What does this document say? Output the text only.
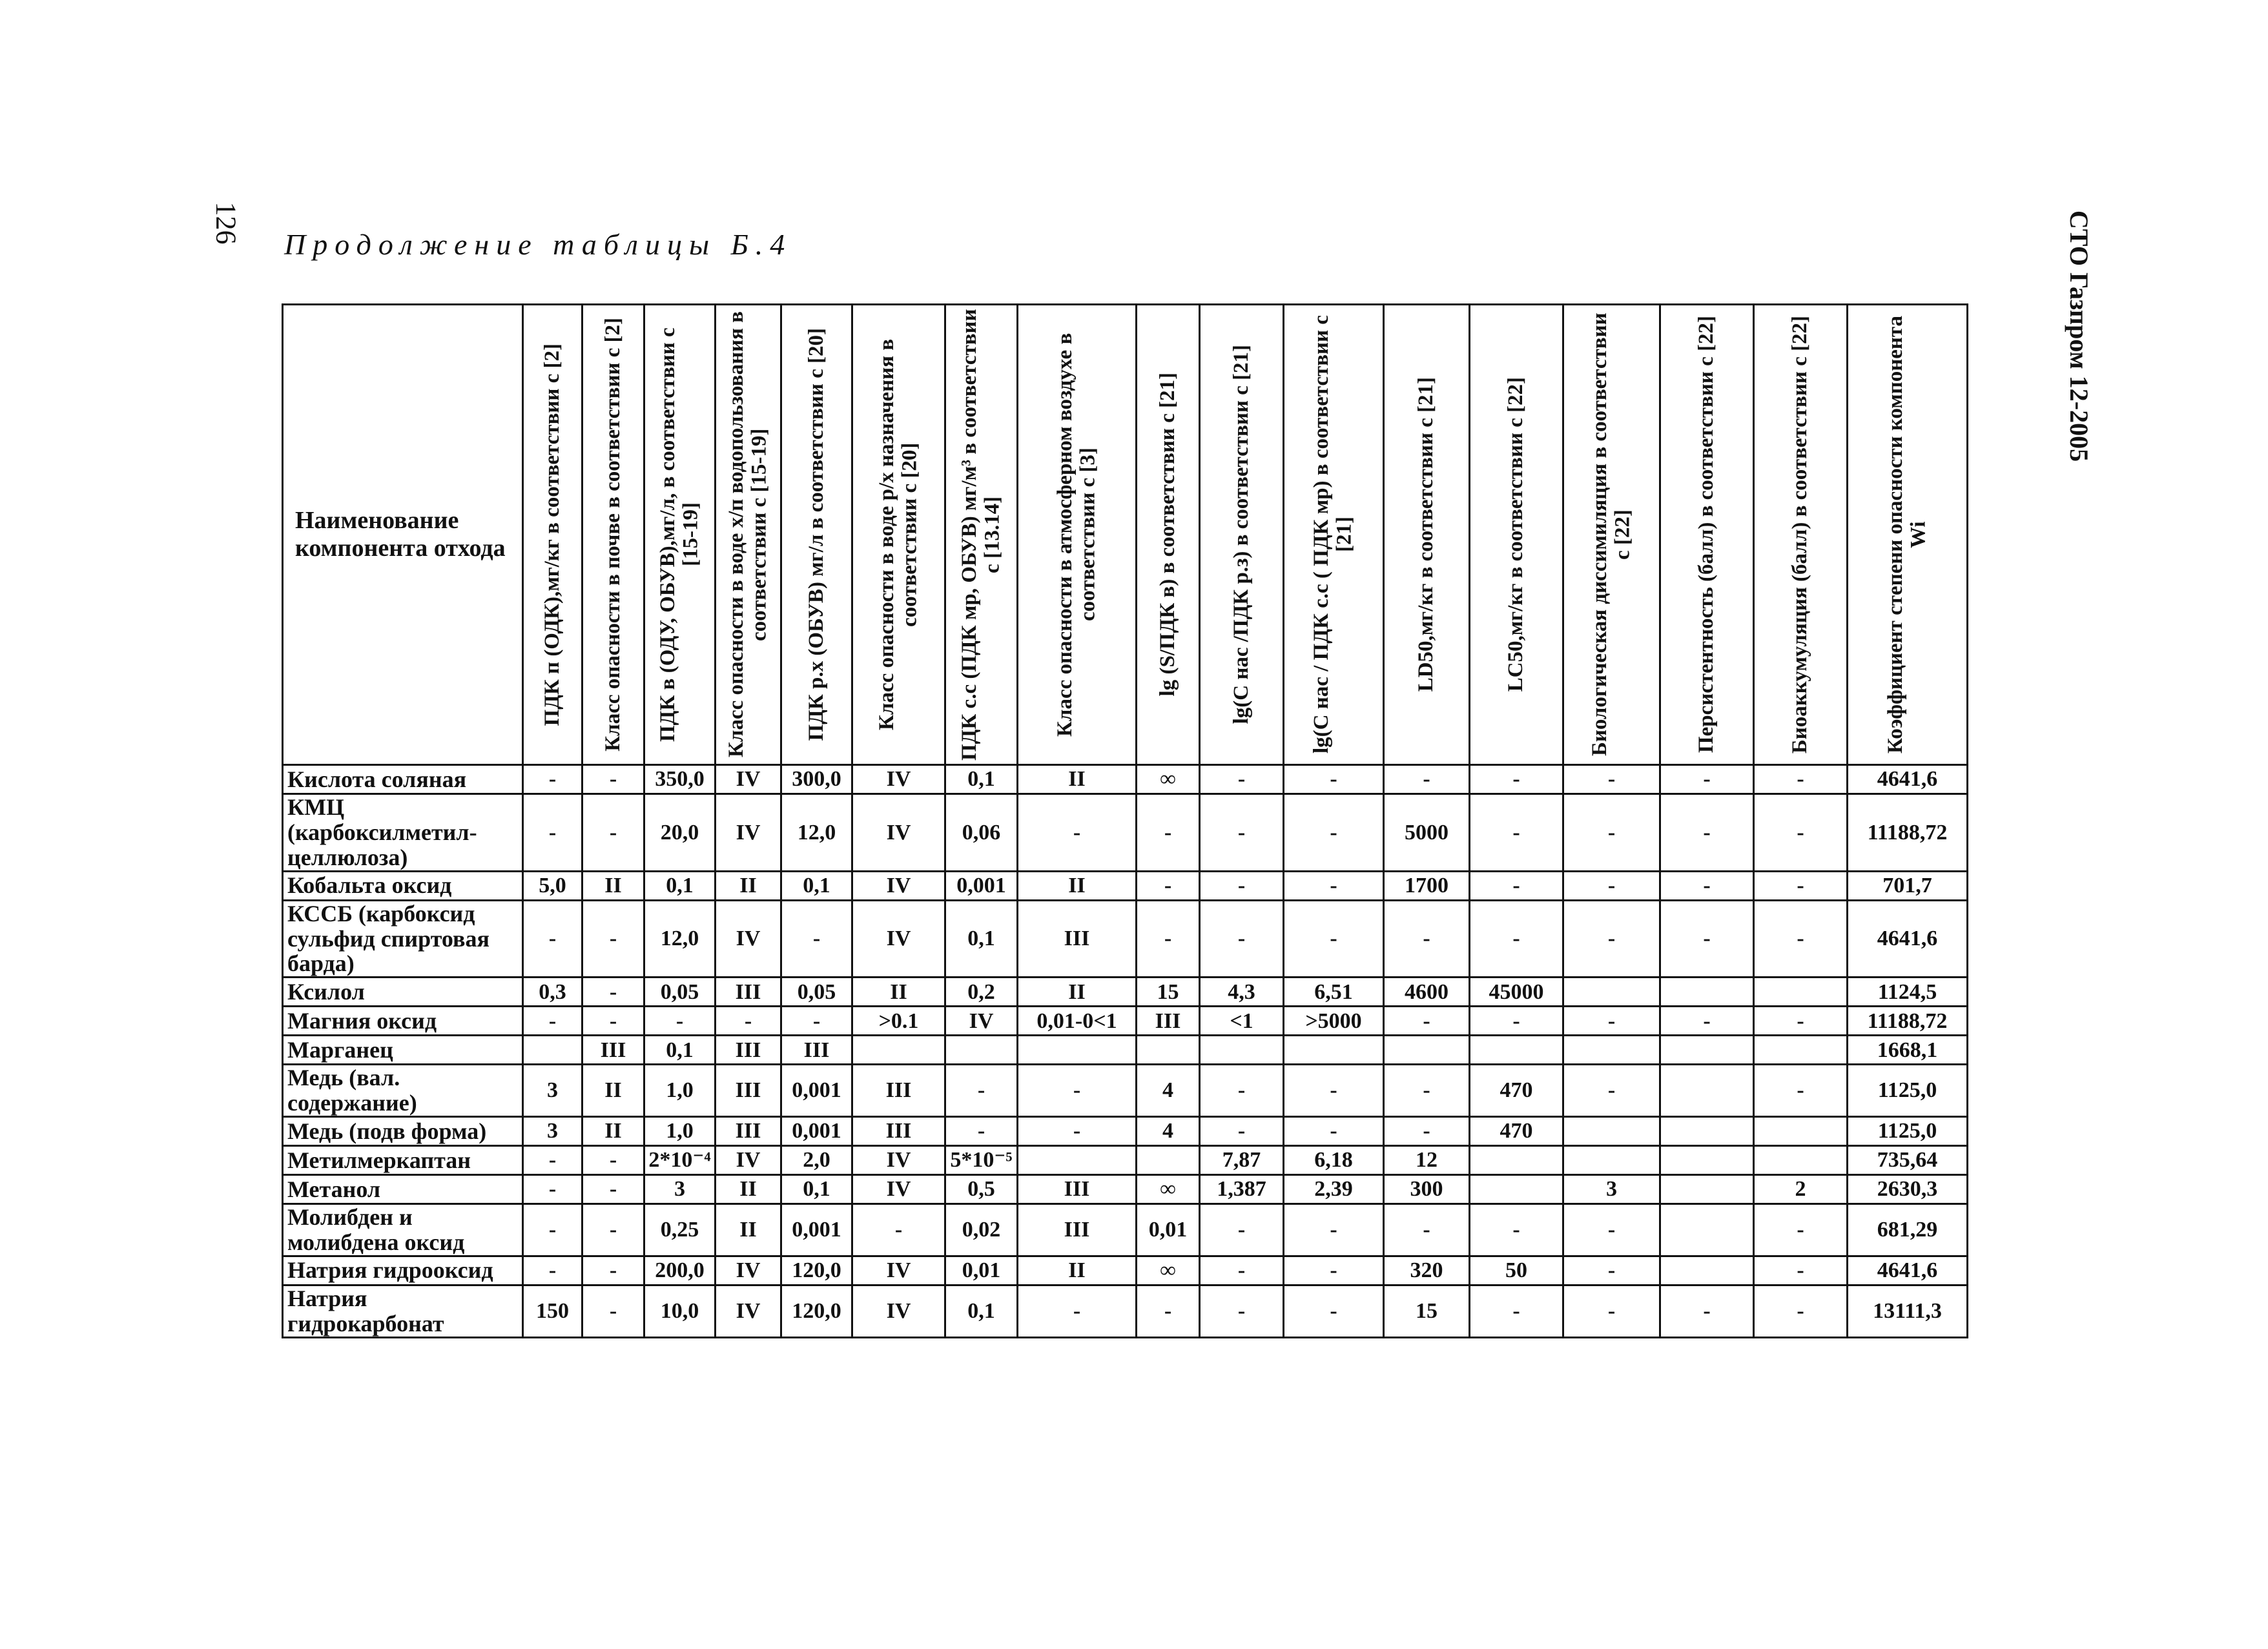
СТО Газпром 12-2005
126
Продолжение таблицы Б.4
Наименование компонента отхода	ПДК п (ОДК),мг/кг в соответствии с [2]	Класс опасности в почве в соответствии с [2]	ПДК в (ОДУ, ОБУВ),мг/л, в соответствии с [15-19]	Класс опасности в воде х/п водопользования в соответствии с [15-19]	ПДК р.х (ОБУВ) мг/л в соответствии с [20]	Класс опасности в воде р/х назначения в соответствии с [20]	ПДК с.с (ПДК мр, ОБУВ) мг/м³ в соответствии с [13.14]	Класс опасности в атмосферном воздухе в соответствии с [3]	lg (S/ПДК в) в соответствии с [21]	lg(С нас /ПДК р.з) в соответствии с [21]	lg(С нас / ПДК с.с ( ПДК мр) в соответствии с [21]	LD50,мг/кг в соответствии с [21]	LC50,мг/кг в соответствии с [22]	Биологическая диссимиляция в соответствии с [22]	Персистентность (балл) в соответствии с [22]	Биоаккумуляция (балл) в соответствии с [22]	Коэффициент степени опасности компонента Wi

Кислота соляная	-	-	350,0	IV	300,0	IV	0,1	II	∞	-	-	-	-	-	-	-	4641,6
КМЦ (карбоксилметил-целлюлоза)	-	-	20,0	IV	12,0	IV	0,06	-	-	-	-	5000	-	-	-	-	11188,72
Кобальта оксид	5,0	II	0,1	II	0,1	IV	0,001	II	-	-	-	1700	-	-	-	-	701,7
КССБ (карбоксид сульфид спиртовая барда)	-	-	12,0	IV	-	IV	0,1	III	-	-	-	-	-	-	-	-	4641,6
Ксилол	0,3	-	0,05	III	0,05	II	0,2	II	15	4,3	6,51	4600	45000				1124,5
Магния оксид	-	-	-	-	-	>0.1	IV	0,01-0<1	III	<1	>5000	-	-	-	-	-	11188,72
Марганец		III	0,1	III	III												1668,1
Медь (вал. содержание)	3	II	1,0	III	0,001	III	-	-	4	-	-	-	470	-		-	1125,0
Медь (подв форма)	3	II	1,0	III	0,001	III	-	-	4	-	-	-	470				1125,0
Метилмеркаптан	-	-	2*10⁻⁴	IV	2,0	IV	5*10⁻⁵			7,87	6,18	12					735,64
Метанол	-	-	3	II	0,1	IV	0,5	III	∞	1,387	2,39	300		3		2	2630,3
Молибден и молибдена оксид	-	-	0,25	II	0,001	-	0,02	III	0,01	-	-	-	-	-		-	681,29
Натрия гидрооксид	-	-	200,0	IV	120,0	IV	0,01	II	∞	-	-	320	50	-		-	4641,6
Натрия гидрокарбонат	150	-	10,0	IV	120,0	IV	0,1	-	-	-	-	15	-	-	-	-	13111,3
